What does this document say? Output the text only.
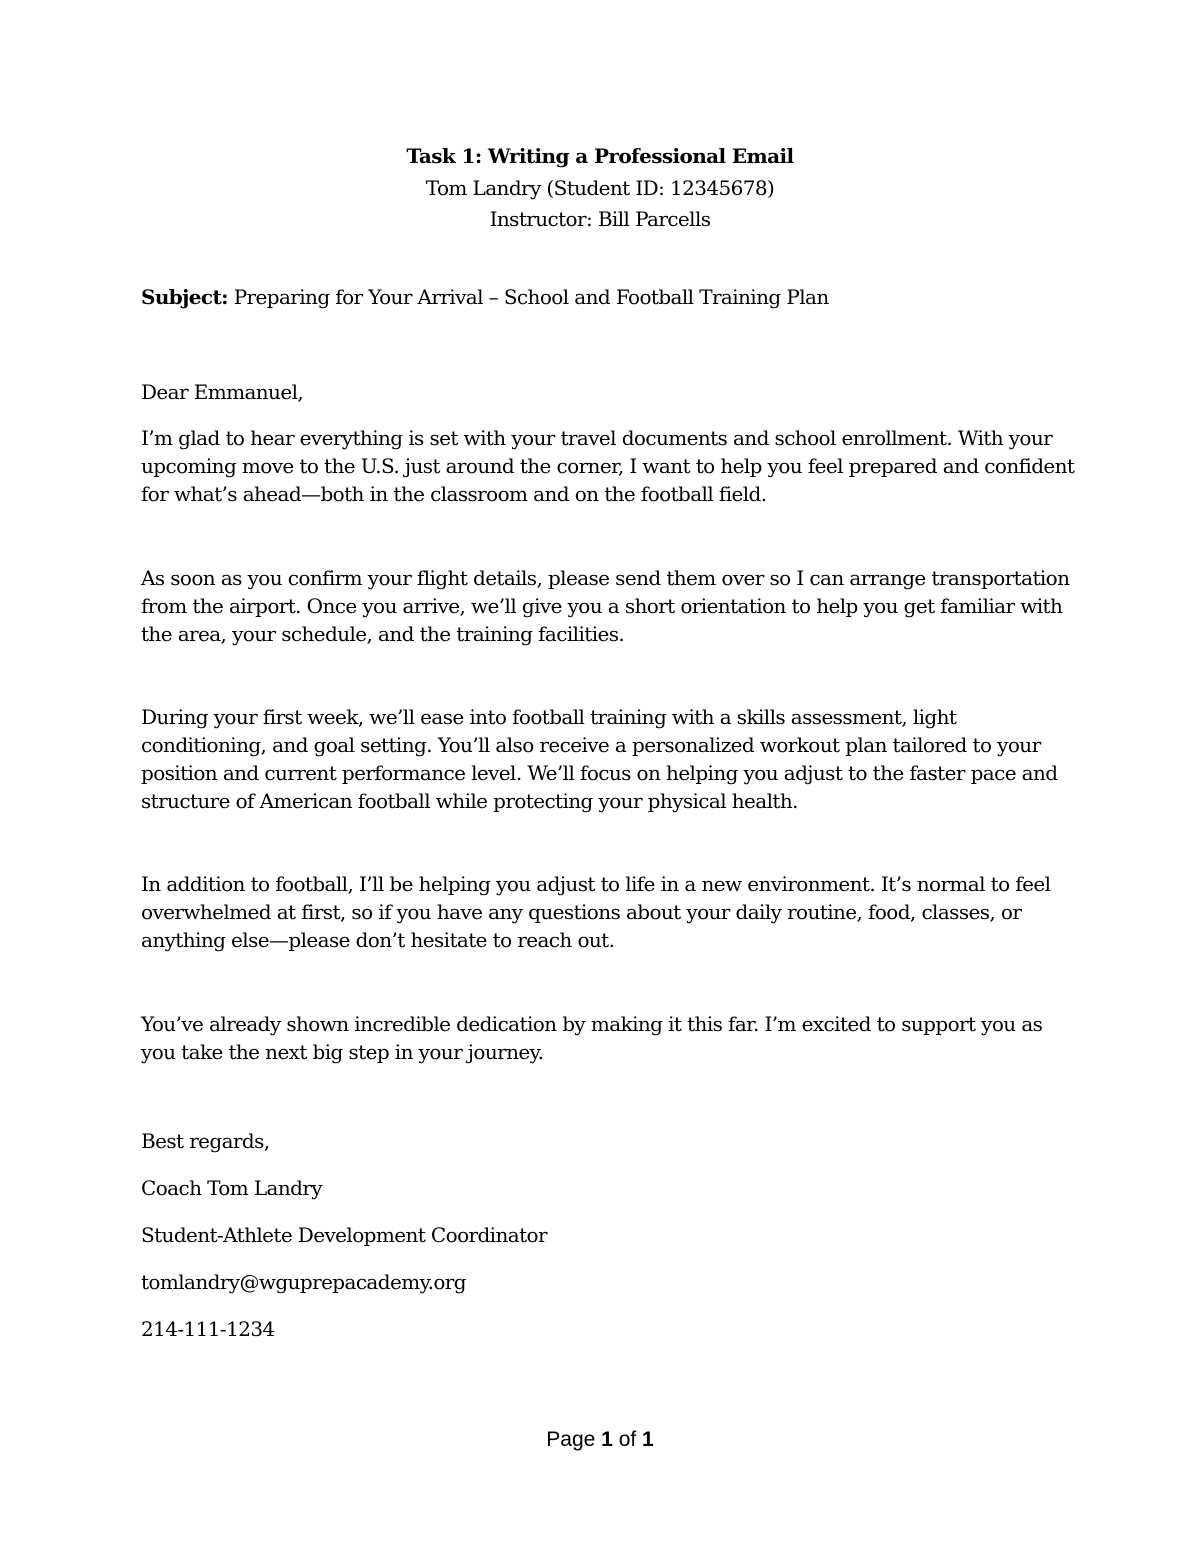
Task 1: Writing a Professional Email
Tom Landry (Student ID: 12345678)
Instructor: Bill Parcells
Subject: Preparing for Your Arrival – School and Football Training Plan
Dear Emmanuel,
I’m glad to hear everything is set with your travel documents and school enrollment. With your
upcoming move to the U.S. just around the corner, I want to help you feel prepared and confident
for what’s ahead—both in the classroom and on the football field.
As soon as you confirm your flight details, please send them over so I can arrange transportation
from the airport. Once you arrive, we’ll give you a short orientation to help you get familiar with
the area, your schedule, and the training facilities.
During your first week, we’ll ease into football training with a skills assessment, light
conditioning, and goal setting. You’ll also receive a personalized workout plan tailored to your
position and current performance level. We’ll focus on helping you adjust to the faster pace and
structure of American football while protecting your physical health.
In addition to football, I’ll be helping you adjust to life in a new environment. It’s normal to feel
overwhelmed at first, so if you have any questions about your daily routine, food, classes, or
anything else—please don’t hesitate to reach out.
You’ve already shown incredible dedication by making it this far. I’m excited to support you as
you take the next big step in your journey.
Best regards,
Coach Tom Landry
Student-Athlete Development Coordinator
tomlandry@wguprepacademy.org
214-111-1234
Page 1 of 1
